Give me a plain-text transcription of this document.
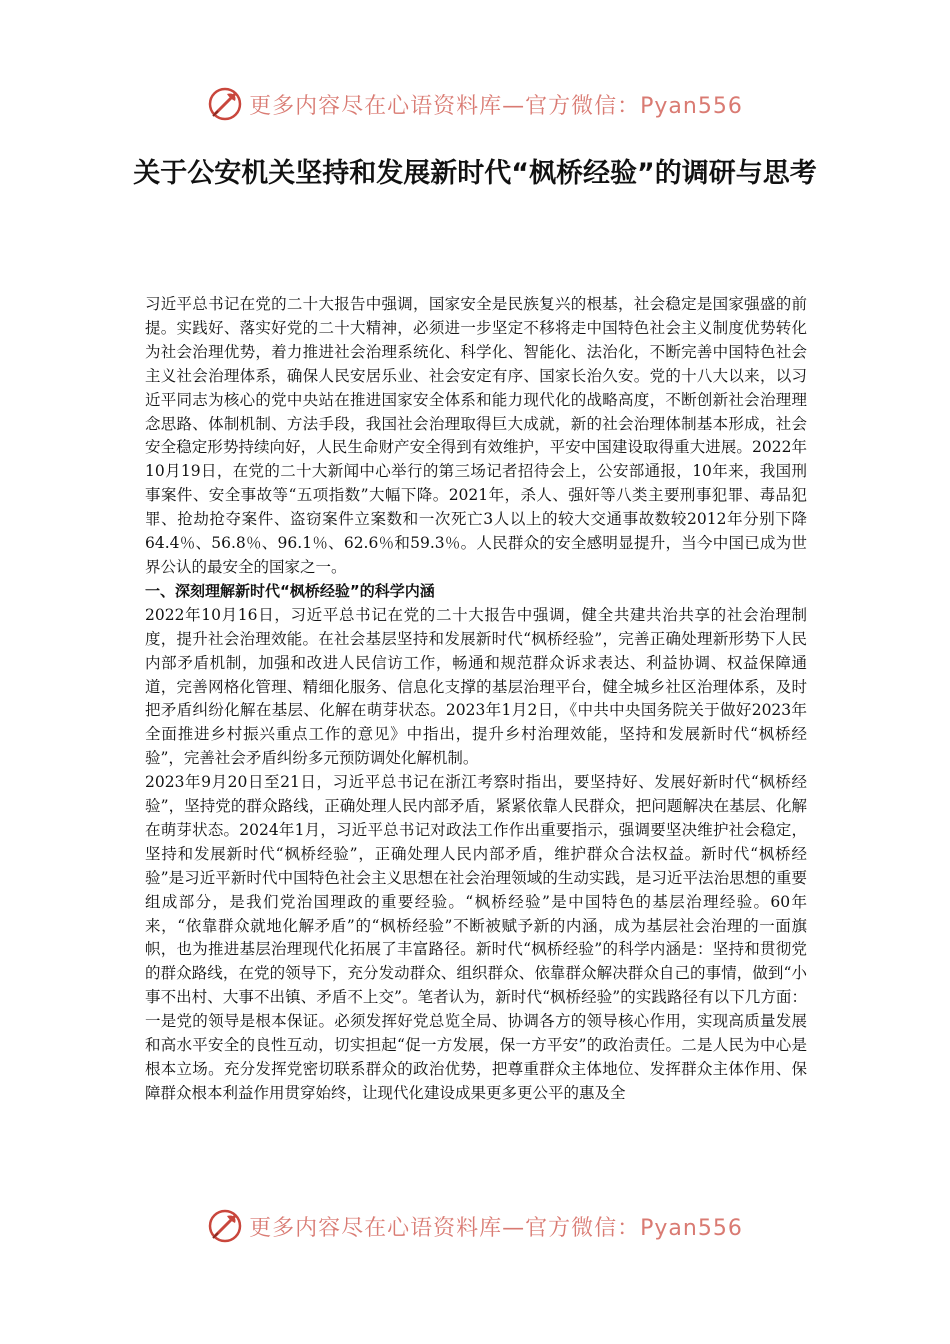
更多内容尽在心语资料库—官方微信：Pyan556
关于公安机关坚持和发展新时代“枫桥经验”的调研与思考

习近平总书记在党的二十大报告中强调，国家安全是民族复兴的根基，社会稳定是国家强盛的前提。实践好、落实好党的二十大精神，必须进一步坚定不移将走中国特色社会主义制度优势转化为社会治理优势，着力推进社会治理系统化、科学化、智能化、法治化，不断完善中国特色社会主义社会治理体系，确保人民安居乐业、社会安定有序、国家长治久安。党的十八大以来，以习近平同志为核心的党中央站在推进国家安全体系和能力现代化的战略高度，不断创新社会治理理念思路、体制机制、方法手段，我国社会治理取得巨大成就，新的社会治理体制基本形成，社会安全稳定形势持续向好，人民生命财产安全得到有效维护，平安中国建设取得重大进展。2022年10月19日，在党的二十大新闻中心举行的第三场记者招待会上，公安部通报，10年来，我国刑事案件、安全事故等“五项指数”大幅下降。2021年，杀人、强奸等八类主要刑事犯罪、毒品犯罪、抢劫抢夺案件、盗窃案件立案数和一次死亡3人以上的较大交通事故数较2012年分别下降64.4％、56.8％、96.1％、62.6％和59.3％。人民群众的安全感明显提升，当今中国已成为世界公认的最安全的国家之一。

一、深刻理解新时代“枫桥经验”的科学内涵

2022年10月16日，习近平总书记在党的二十大报告中强调，健全共建共治共享的社会治理制度，提升社会治理效能。在社会基层坚持和发展新时代“枫桥经验”，完善正确处理新形势下人民内部矛盾机制，加强和改进人民信访工作，畅通和规范群众诉求表达、利益协调、权益保障通道，完善网格化管理、精细化服务、信息化支撑的基层治理平台，健全城乡社区治理体系，及时把矛盾纠纷化解在基层、化解在萌芽状态。2023年1月2日，《中共中央国务院关于做好2023年全面推进乡村振兴重点工作的意见》中指出，提升乡村治理效能，坚持和发展新时代“枫桥经验”，完善社会矛盾纠纷多元预防调处化解机制。

2023年9月20日至21日，习近平总书记在浙江考察时指出，要坚持好、发展好新时代“枫桥经验”，坚持党的群众路线，正确处理人民内部矛盾，紧紧依靠人民群众，把问题解决在基层、化解在萌芽状态。2024年1月，习近平总书记对政法工作作出重要指示，强调要坚决维护社会稳定，坚持和发展新时代“枫桥经验”，正确处理人民内部矛盾，维护群众合法权益。新时代“枫桥经验”是习近平新时代中国特色社会主义思想在社会治理领域的生动实践，是习近平法治思想的重要组成部分，是我们党治国理政的重要经验。“枫桥经验”是中国特色的基层治理经验。60年来，“依靠群众就地化解矛盾”的“枫桥经验”不断被赋予新的内涵，成为基层社会治理的一面旗帜，也为推进基层治理现代化拓展了丰富路径。新时代“枫桥经验”的科学内涵是：坚持和贯彻党的群众路线，在党的领导下，充分发动群众、组织群众、依靠群众解决群众自己的事情，做到“小事不出村、大事不出镇、矛盾不上交”。笔者认为，新时代“枫桥经验”的实践路径有以下几方面：一是党的领导是根本保证。必须发挥好党总览全局、协调各方的领导核心作用，实现高质量发展和高水平安全的良性互动，切实担起“促一方发展，保一方平安”的政治责任。二是人民为中心是根本立场。充分发挥党密切联系群众的政治优势，把尊重群众主体地位、发挥群众主体作用、保障群众根本利益作用贯穿始终，让现代化建设成果更多更公平的惠及全

更多内容尽在心语资料库—官方微信：Pyan556
